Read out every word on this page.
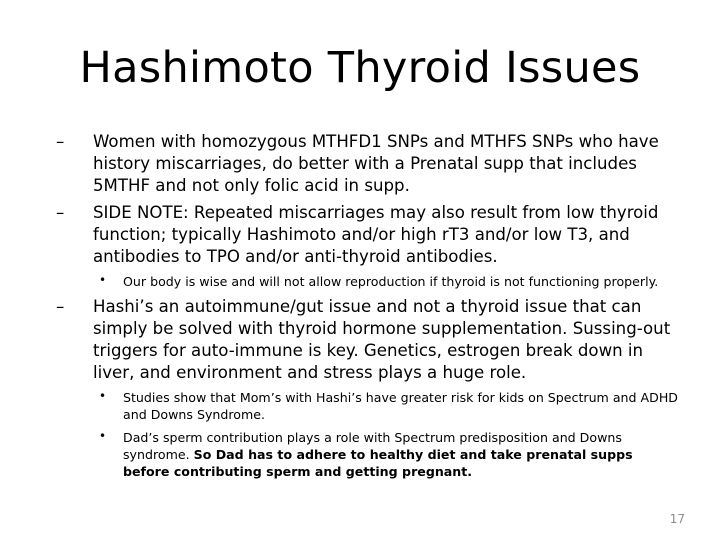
Hashimoto Thyroid Issues
– Women with homozygous MTHFD1 SNPs and MTHFS SNPs who have history miscarriages, do better with a Prenatal supp that includes 5MTHF and not only folic acid in supp.
– SIDE NOTE: Repeated miscarriages may also result from low thyroid function; typically Hashimoto and/or high rT3 and/or low T3, and antibodies to TPO and/or anti-thyroid antibodies.
• Our body is wise and will not allow reproduction if thyroid is not functioning properly.
– Hashi’s an autoimmune/gut issue and not a thyroid issue that can simply be solved with thyroid hormone supplementation. Sussing-out triggers for auto-immune is key. Genetics, estrogen break down in liver, and environment and stress plays a huge role.
• Studies show that Mom’s with Hashi’s have greater risk for kids on Spectrum and ADHD and Downs Syndrome.
• Dad’s sperm contribution plays a role with Spectrum predisposition and Downs syndrome. So Dad has to adhere to healthy diet and take prenatal supps before contributing sperm and getting pregnant.
17
